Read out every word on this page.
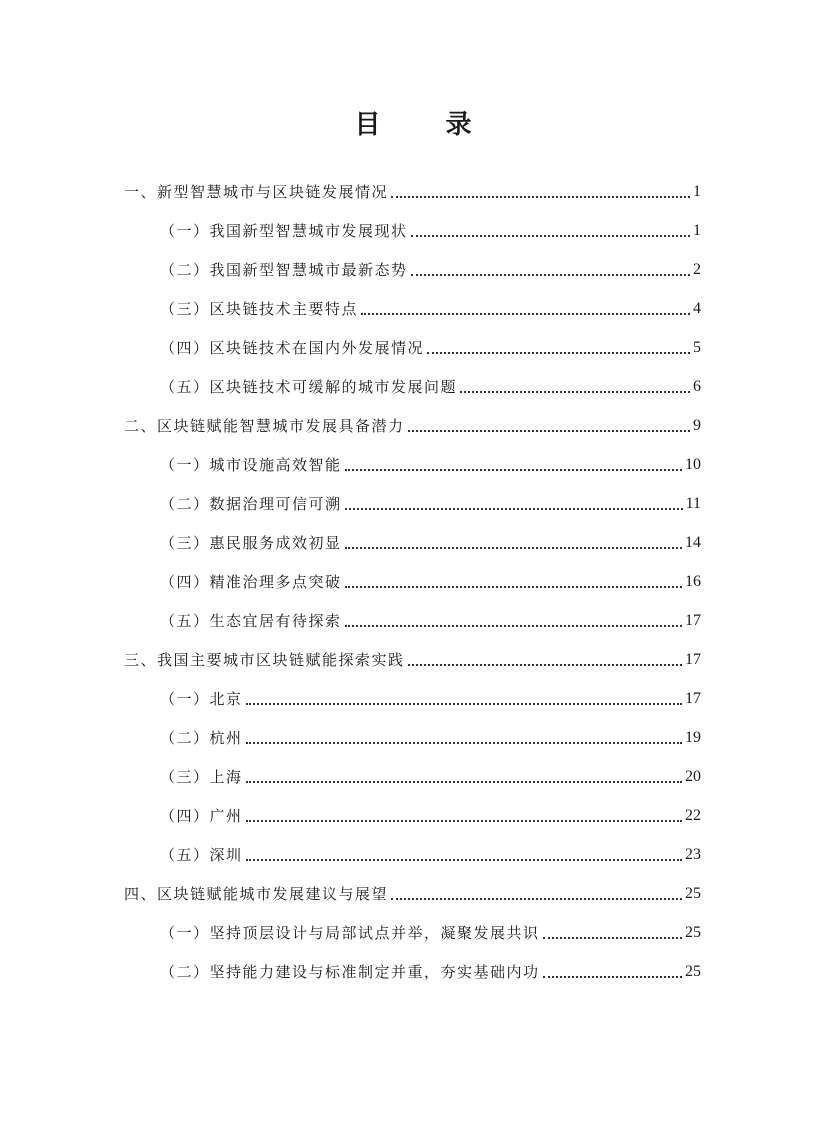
目 录
一、新型智慧城市与区块链发展情况	1
（一）我国新型智慧城市发展现状	1
（二）我国新型智慧城市最新态势	2
（三）区块链技术主要特点	4
（四）区块链技术在国内外发展情况	5
（五）区块链技术可缓解的城市发展问题	6
二、区块链赋能智慧城市发展具备潜力	9
（一）城市设施高效智能	10
（二）数据治理可信可溯	11
（三）惠民服务成效初显	14
（四）精准治理多点突破	16
（五）生态宜居有待探索	17
三、我国主要城市区块链赋能探索实践	17
（一）北京	17
（二）杭州	19
（三）上海	20
（四）广州	22
（五）深圳	23
四、区块链赋能城市发展建议与展望	25
（一）坚持顶层设计与局部试点并举，凝聚发展共识	25
（二）坚持能力建设与标准制定并重，夯实基础内功	25
